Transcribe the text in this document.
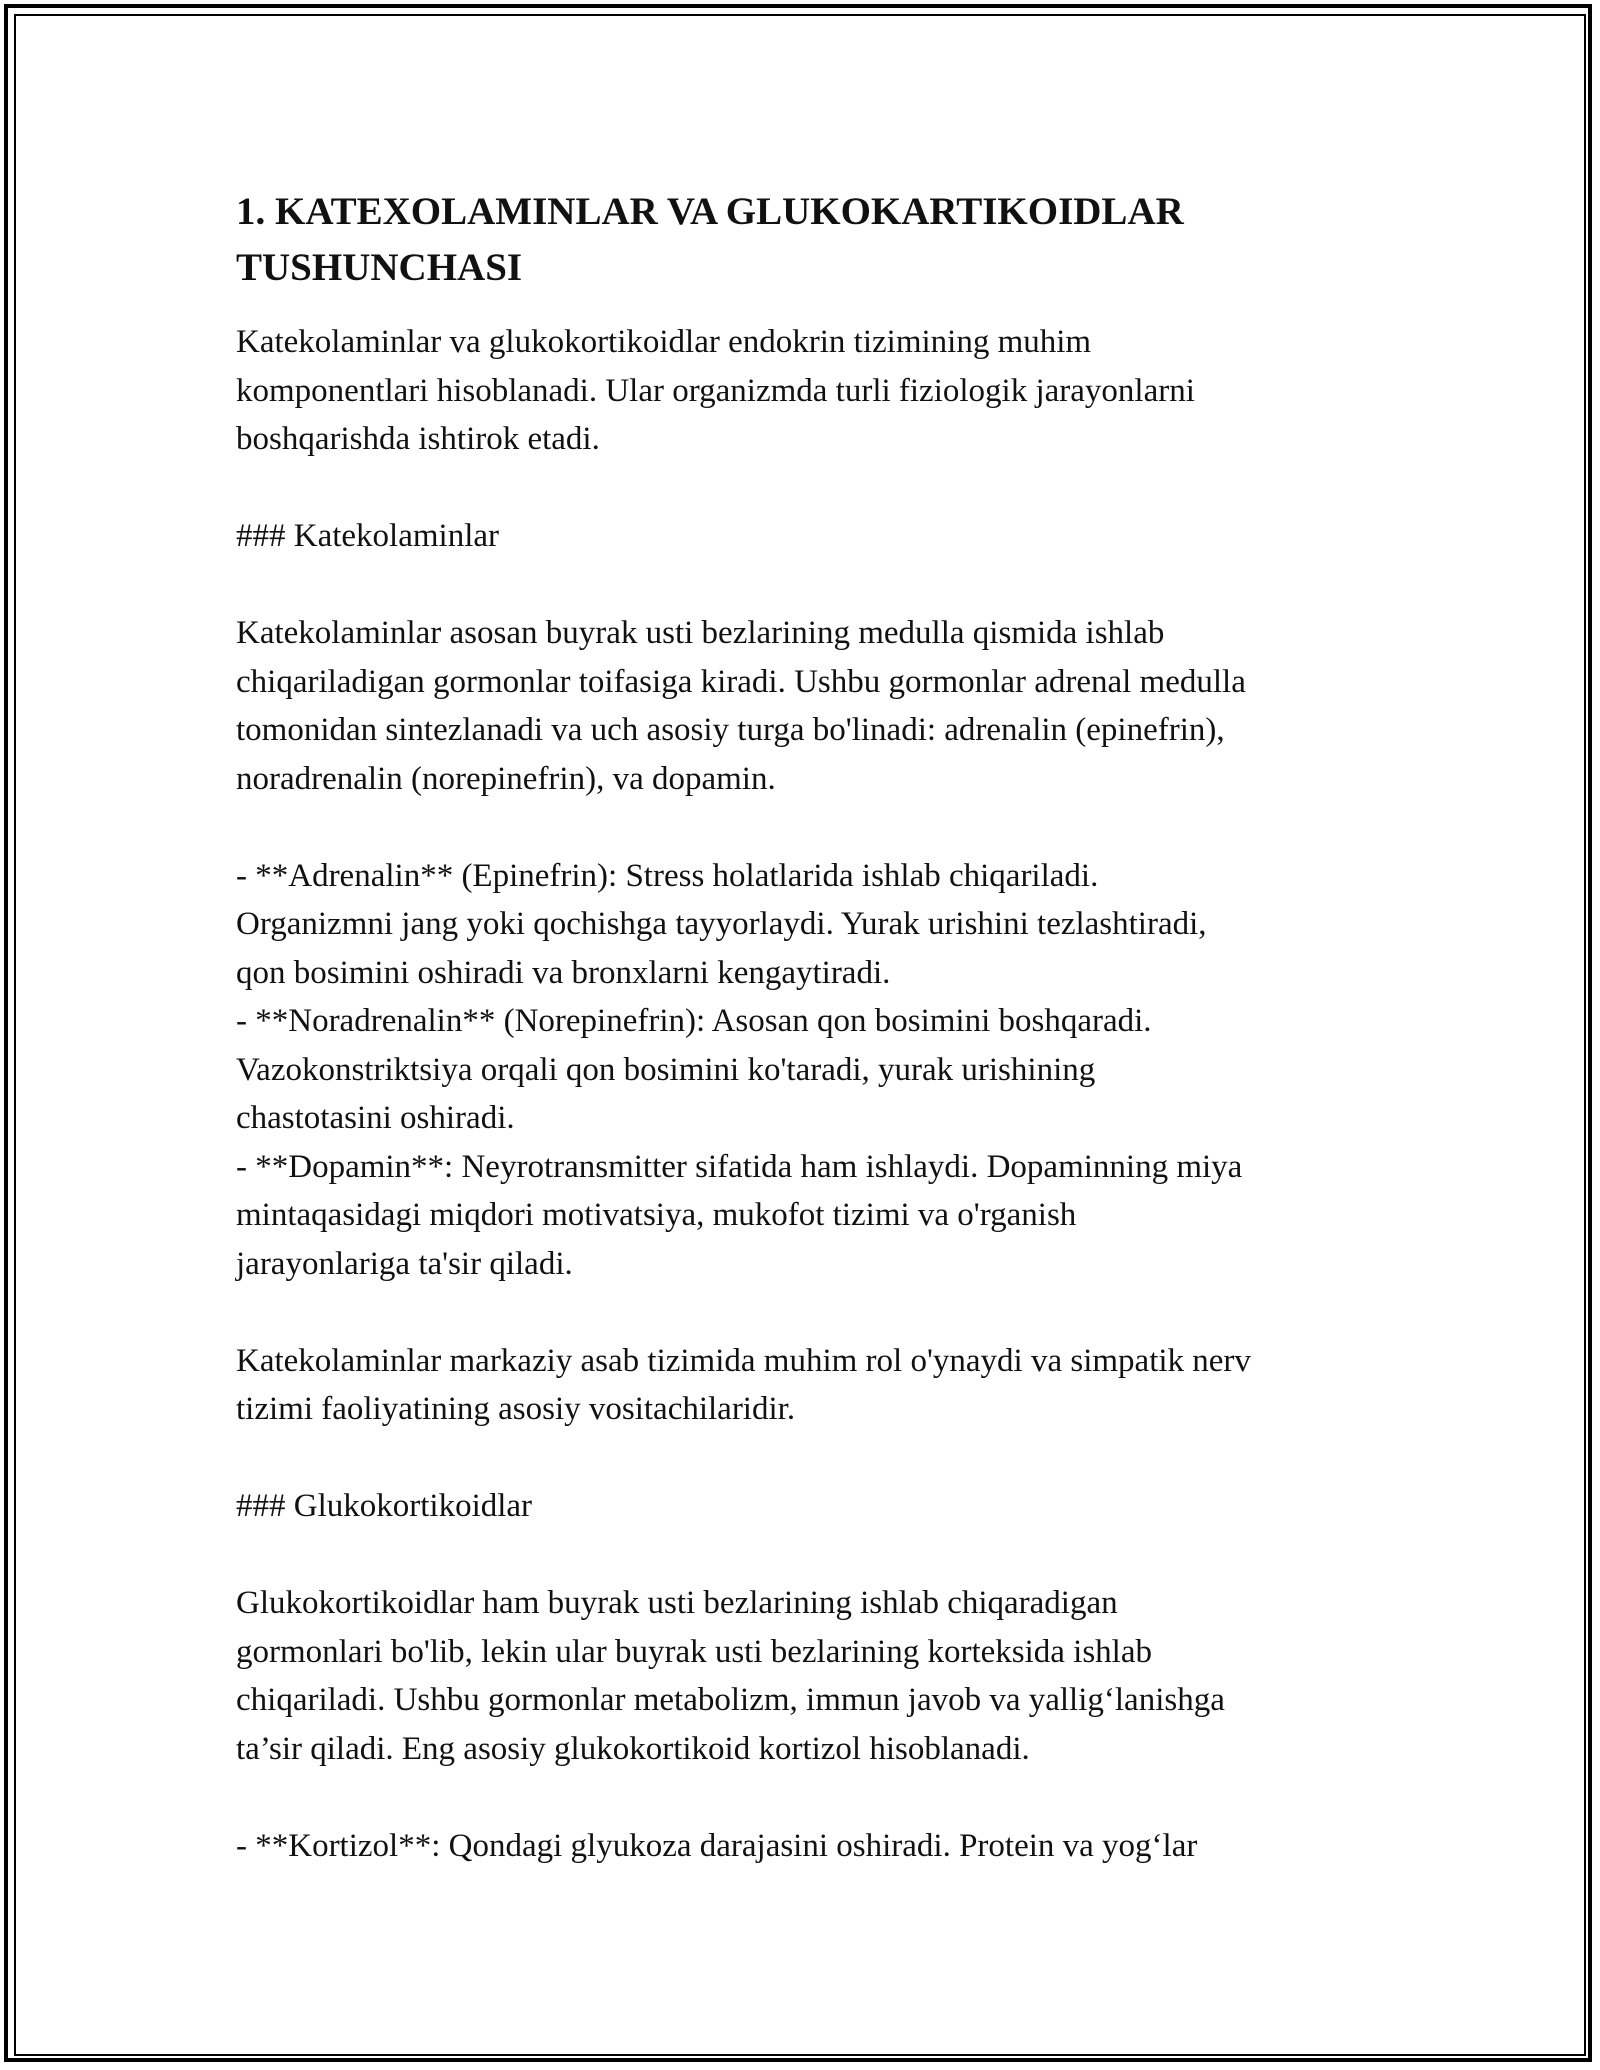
1. KATEXOLAMINLAR VA GLUKOKARTIKOIDLAR
TUSHUNCHASI

Katekolaminlar va glukokortikoidlar endokrin tizimining muhim
komponentlari hisoblanadi. Ular organizmda turli fiziologik jarayonlarni
boshqarishda ishtirok etadi.

### Katekolaminlar

Katekolaminlar asosan buyrak usti bezlarining medulla qismida ishlab
chiqariladigan gormonlar toifasiga kiradi. Ushbu gormonlar adrenal medulla
tomonidan sintezlanadi va uch asosiy turga bo'linadi: adrenalin (epinefrin),
noradrenalin (norepinefrin), va dopamin.

- **Adrenalin** (Epinefrin): Stress holatlarida ishlab chiqariladi.
Organizmni jang yoki qochishga tayyorlaydi. Yurak urishini tezlashtiradi,
qon bosimini oshiradi va bronxlarni kengaytiradi.

- **Noradrenalin** (Norepinefrin): Asosan qon bosimini boshqaradi.
Vazokonstriktsiya orqali qon bosimini ko'taradi, yurak urishining
chastotasini oshiradi.

- **Dopamin**: Neyrotransmitter sifatida ham ishlaydi. Dopaminning miya
mintaqasidagi miqdori motivatsiya, mukofot tizimi va o'rganish
jarayonlariga ta'sir qiladi.

Katekolaminlar markaziy asab tizimida muhim rol o'ynaydi va simpatik nerv
tizimi faoliyatining asosiy vositachilaridir.

### Glukokortikoidlar

Glukokortikoidlar ham buyrak usti bezlarining ishlab chiqaradigan
gormonlari bo'lib, lekin ular buyrak usti bezlarining korteksida ishlab
chiqariladi. Ushbu gormonlar metabolizm, immun javob va yallig‘lanishga
ta’sir qiladi. Eng asosiy glukokortikoid kortizol hisoblanadi.

- **Kortizol**: Qondagi glyukoza darajasini oshiradi. Protein va yog‘lar
